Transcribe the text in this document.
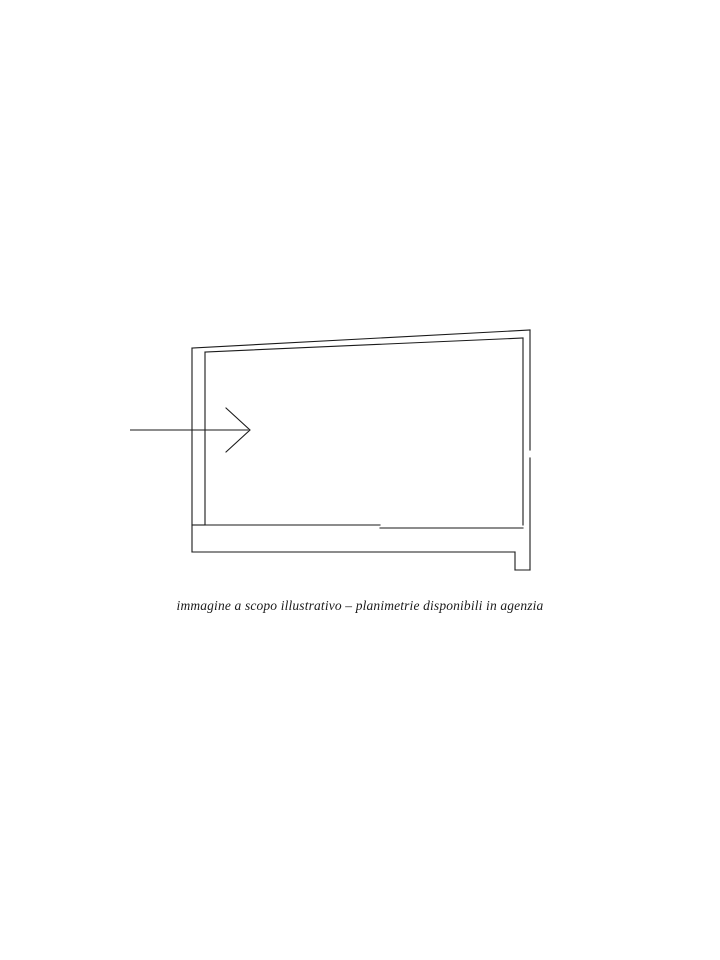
immagine a scopo illustrativo – planimetrie disponibili in agenzia
